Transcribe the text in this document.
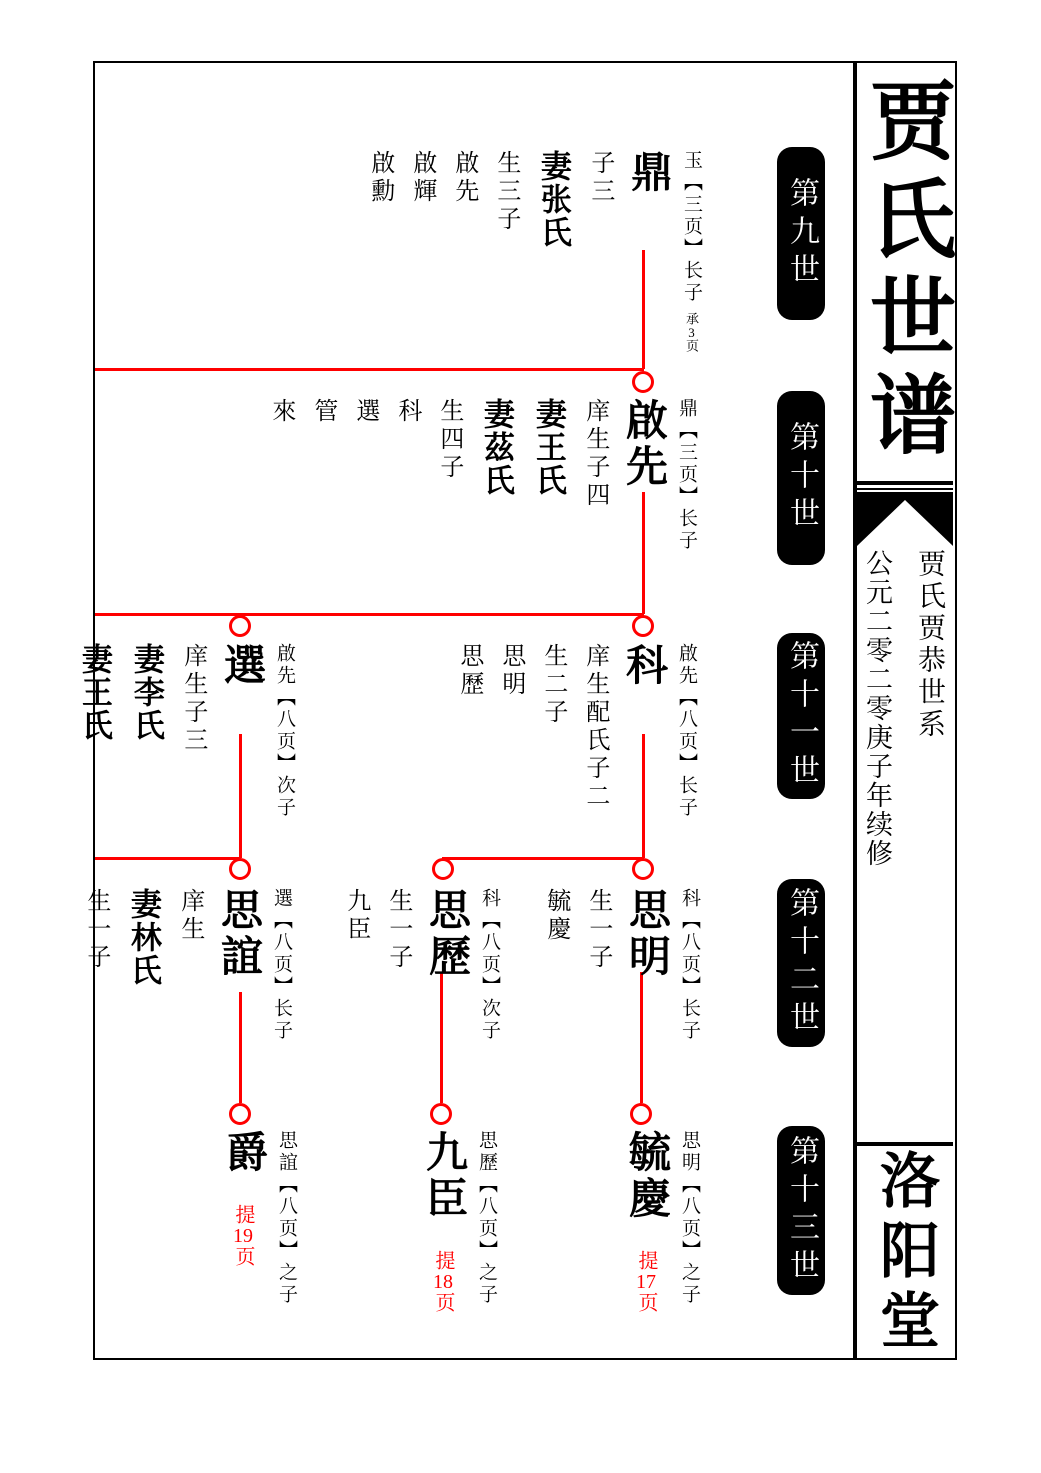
第九世
第十世
第十一世
第十二世
第十三世
玉【三页】长子承3页
鼎
子三
妻张氏
生三子
啟先
啟輝
啟勳
鼎【三页】长子
啟先
庠生子四
妻王氏
妻茲氏
生四子
科
選
管
來
啟先【八页】长子
科
庠生配氏子二
生二子
思明
思歷
啟先【八页】次子
選
庠生子三
妻李氏
妻王氏
科【八页】长子
思明
生一子
毓慶
科【八页】次子
思歷
生一子
九臣
選【八页】长子
思誼
庠生
妻林氏
生一子
思明【八页】之子
毓慶提17页
思歷【八页】之子
九臣提18页
思誼【八页】之子
爵提19页
贾氏世谱
贾氏贾恭世系
公元二零二零庚子年续修
洛阳堂
